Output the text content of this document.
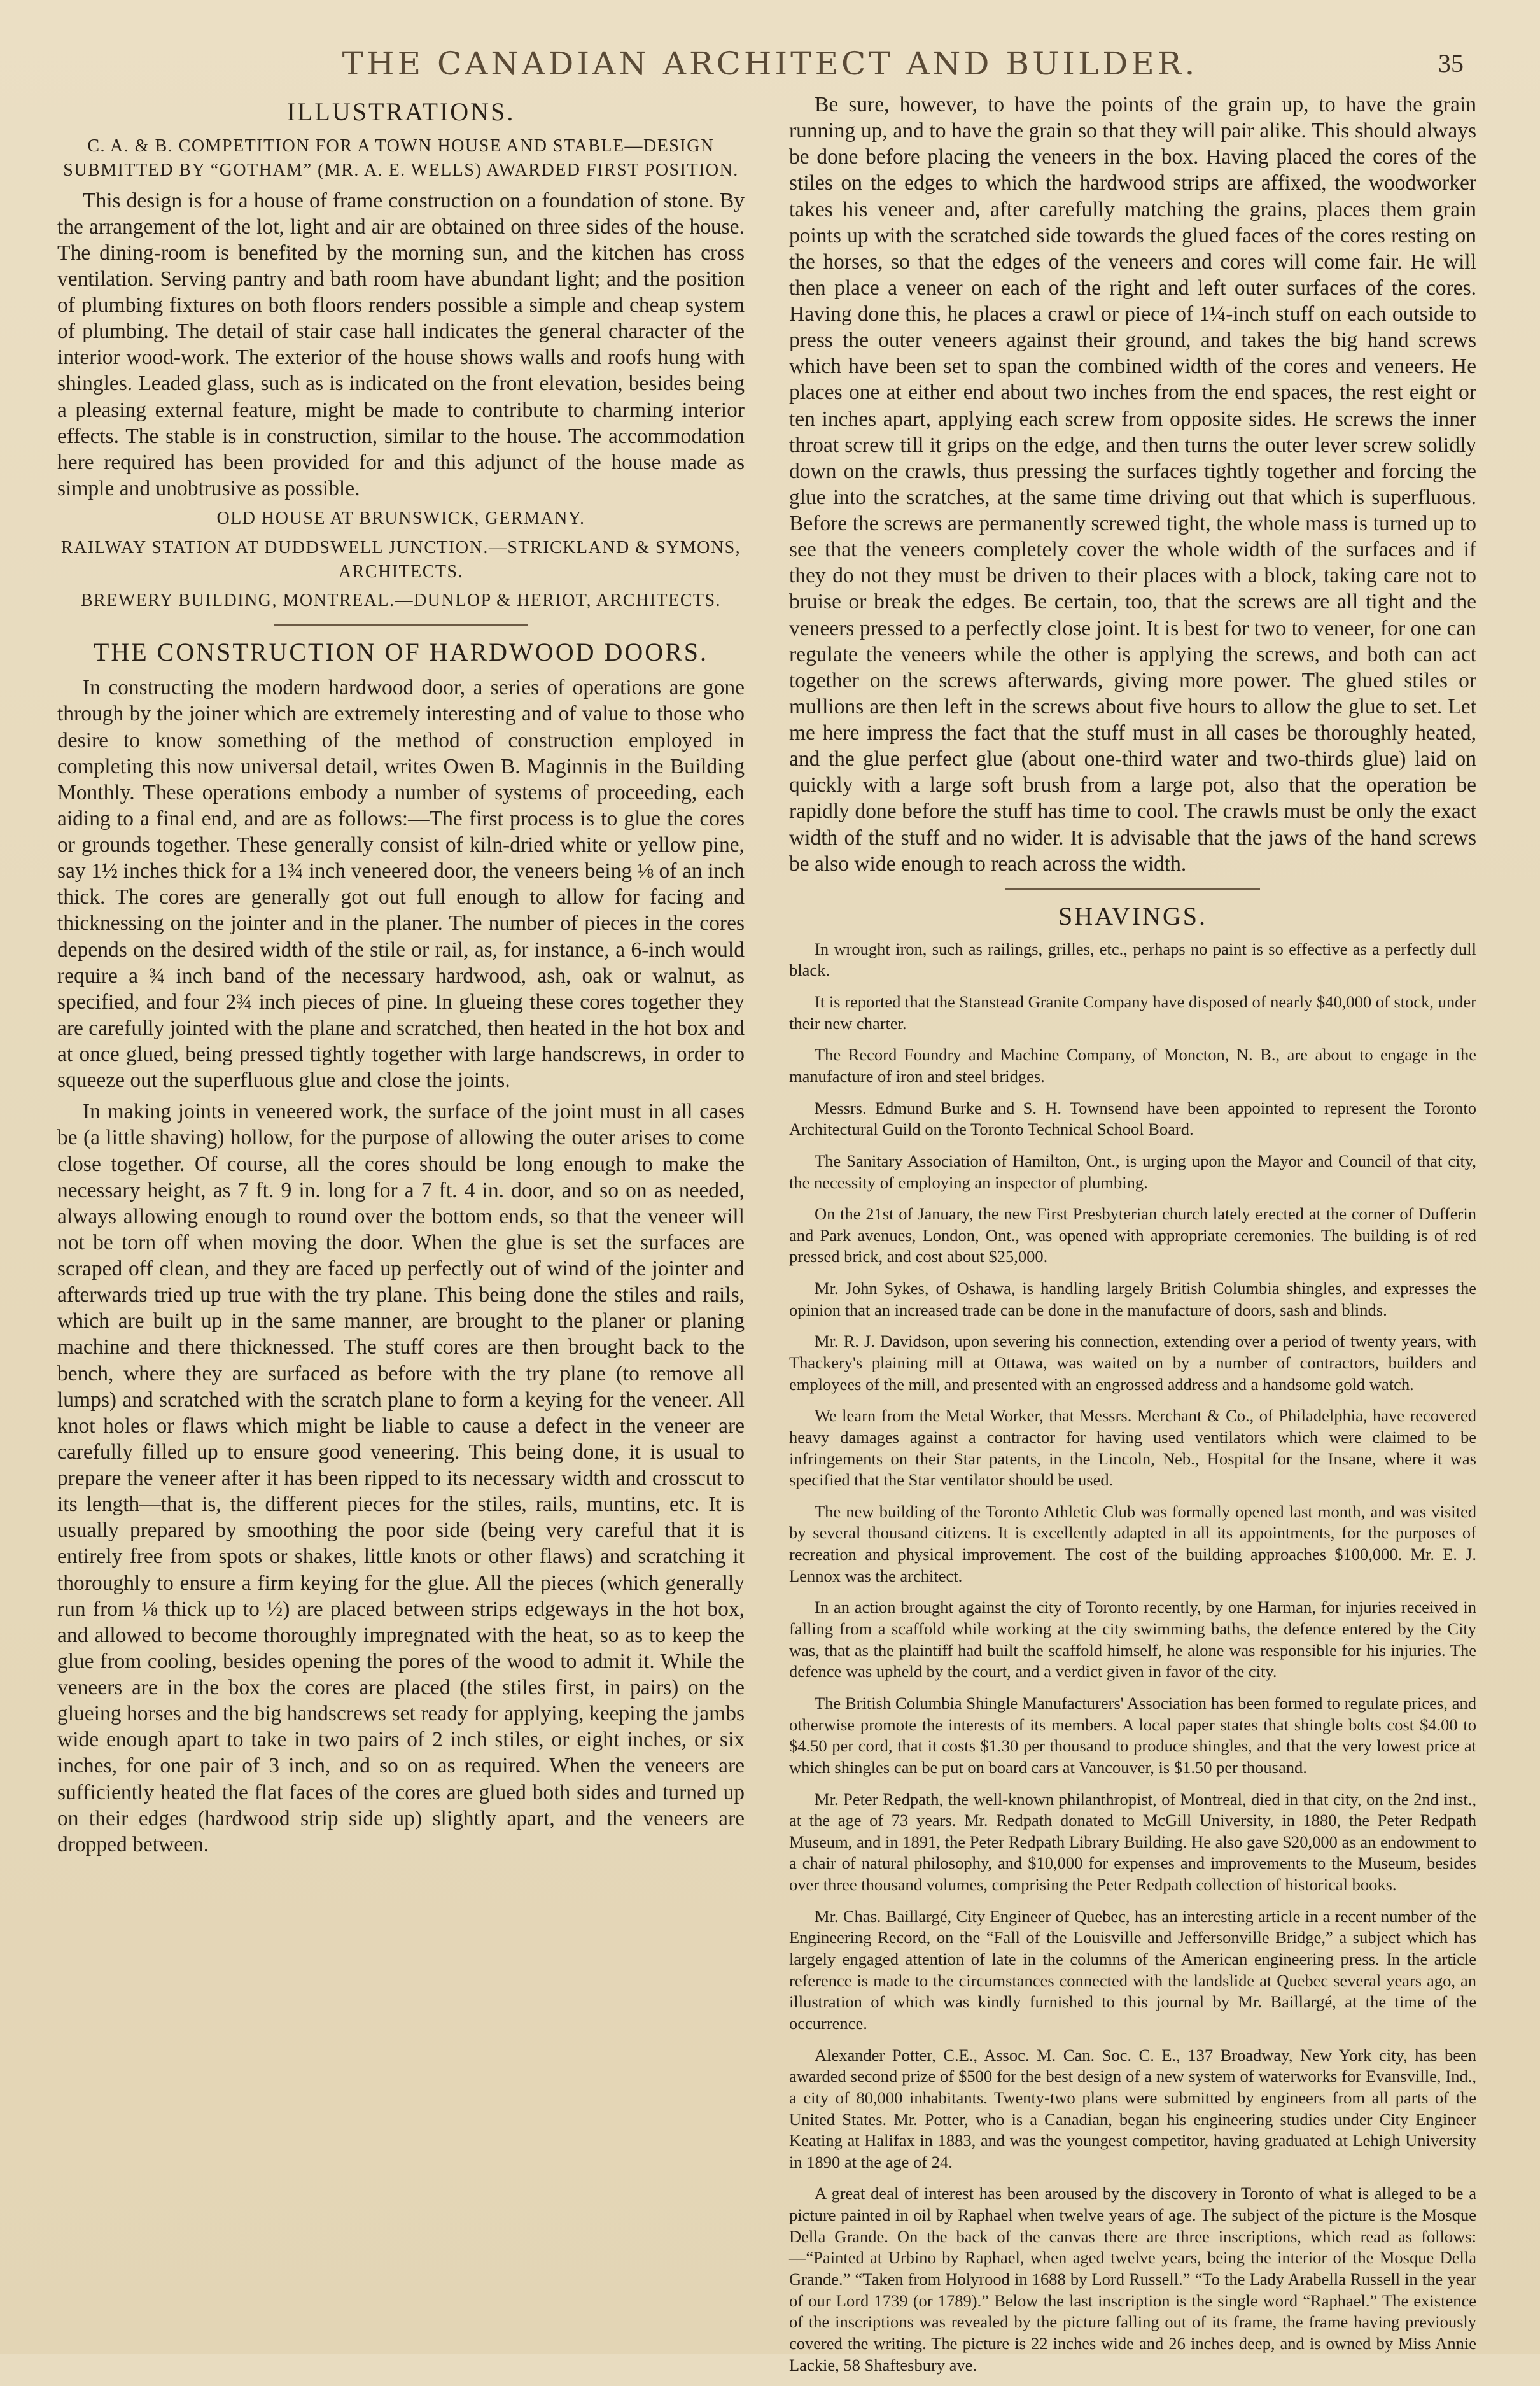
THE CANADIAN ARCHITECT AND BUILDER.	35
ILLUSTRATIONS.
C. A. & B. COMPETITION FOR A TOWN HOUSE AND STABLE—DESIGN SUBMITTED BY “GOTHAM” (MR. A. E. WELLS) AWARDED FIRST POSITION.

This design is for a house of frame construction on a foundation of stone. By the arrangement of the lot, light and air are obtained on three sides of the house. The dining-room is benefited by the morning sun, and the kitchen has cross ventilation. Serving pantry and bath room have abundant light; and the position of plumbing fixtures on both floors renders possible a simple and cheap system of plumbing. The detail of stair case hall indicates the general character of the interior wood-work. The exterior of the house shows walls and roofs hung with shingles. Leaded glass, such as is indicated on the front elevation, besides being a pleasing external feature, might be made to contribute to charming interior effects. The stable is in construction, similar to the house. The accommodation here required has been provided for and this adjunct of the house made as simple and unobtrusive as possible.

OLD HOUSE AT BRUNSWICK, GERMANY.
RAILWAY STATION AT DUDDSWELL JUNCTION.—STRICKLAND & SYMONS, ARCHITECTS.
BREWERY BUILDING, MONTREAL.—DUNLOP & HERIOT, ARCHITECTS.
THE CONSTRUCTION OF HARDWOOD DOORS.

In constructing the modern hardwood door, a series of operations are gone through by the joiner which are extremely interesting and of value to those who desire to know something of the method of construction employed in completing this now universal detail, writes Owen B. Maginnis in the Building Monthly. These operations embody a number of systems of proceeding, each aiding to a final end, and are as follows:—The first process is to glue the cores or grounds together. These generally consist of kiln-dried white or yellow pine, say 1½ inches thick for a 1¾ inch veneered door, the veneers being ⅛ of an inch thick. The cores are generally got out full enough to allow for facing and thicknessing on the jointer and in the planer. The number of pieces in the cores depends on the desired width of the stile or rail, as, for instance, a 6-inch would require a ¾ inch band of the necessary hardwood, ash, oak or walnut, as specified, and four 2¾ inch pieces of pine. In glueing these cores together they are carefully jointed with the plane and scratched, then heated in the hot box and at once glued, being pressed tightly together with large handscrews, in order to squeeze out the superfluous glue and close the joints.

In making joints in veneered work, the surface of the joint must in all cases be (a little shaving) hollow, for the purpose of allowing the outer arises to come close together. Of course, all the cores should be long enough to make the necessary height, as 7 ft. 9 in. long for a 7 ft. 4 in. door, and so on as needed, always allowing enough to round over the bottom ends, so that the veneer will not be torn off when moving the door. When the glue is set the surfaces are scraped off clean, and they are faced up perfectly out of wind of the jointer and afterwards tried up true with the try plane. This being done the stiles and rails, which are built up in the same manner, are brought to the planer or planing machine and there thicknessed. The stuff cores are then brought back to the bench, where they are surfaced as before with the try plane (to remove all lumps) and scratched with the scratch plane to form a keying for the veneer. All knot holes or flaws which might be liable to cause a defect in the veneer are carefully filled up to ensure good veneering. This being done, it is usual to prepare the veneer after it has been ripped to its necessary width and crosscut to its length—that is, the different pieces for the stiles, rails, muntins, etc. It is usually prepared by smoothing the poor side (being very careful that it is entirely free from spots or shakes, little knots or other flaws) and scratching it thoroughly to ensure a firm keying for the glue. All the pieces (which generally run from ⅛ thick up to ½) are placed between strips edgeways in the hot box, and allowed to become thoroughly impregnated with the heat, so as to keep the glue from cooling, besides opening the pores of the wood to admit it. While the veneers are in the box the cores are placed (the stiles first, in pairs) on the glueing horses and the big handscrews set ready for applying, keeping the jambs wide enough apart to take in two pairs of 2 inch stiles, or eight inches, or six inches, for one pair of 3 inch, and so on as required. When the veneers are sufficiently heated the flat faces of the cores are glued both sides and turned up on their edges (hardwood strip side up) slightly apart, and the veneers are dropped between.

Be sure, however, to have the points of the grain up, to have the grain running up, and to have the grain so that they will pair alike. This should always be done before placing the veneers in the box. Having placed the cores of the stiles on the edges to which the hardwood strips are affixed, the woodworker takes his veneer and, after carefully matching the grains, places them grain points up with the scratched side towards the glued faces of the cores resting on the horses, so that the edges of the veneers and cores will come fair. He will then place a veneer on each of the right and left outer surfaces of the cores. Having done this, he places a crawl or piece of 1¼-inch stuff on each outside to press the outer veneers against their ground, and takes the big hand screws which have been set to span the combined width of the cores and veneers. He places one at either end about two inches from the end spaces, the rest eight or ten inches apart, applying each screw from opposite sides. He screws the inner throat screw till it grips on the edge, and then turns the outer lever screw solidly down on the crawls, thus pressing the surfaces tightly together and forcing the glue into the scratches, at the same time driving out that which is superfluous. Before the screws are permanently screwed tight, the whole mass is turned up to see that the veneers completely cover the whole width of the surfaces and if they do not they must be driven to their places with a block, taking care not to bruise or break the edges. Be certain, too, that the screws are all tight and the veneers pressed to a perfectly close joint. It is best for two to veneer, for one can regulate the veneers while the other is applying the screws, and both can act together on the screws afterwards, giving more power. The glued stiles or mullions are then left in the screws about five hours to allow the glue to set. Let me here impress the fact that the stuff must in all cases be thoroughly heated, and the glue perfect glue (about one-third water and two-thirds glue) laid on quickly with a large soft brush from a large pot, also that the operation be rapidly done before the stuff has time to cool. The crawls must be only the exact width of the stuff and no wider. It is advisable that the jaws of the hand screws be also wide enough to reach across the width.

SHAVINGS.

In wrought iron, such as railings, grilles, etc., perhaps no paint is so effective as a perfectly dull black.

It is reported that the Stanstead Granite Company have disposed of nearly $40,000 of stock, under their new charter.

The Record Foundry and Machine Company, of Moncton, N. B., are about to engage in the manufacture of iron and steel bridges.

Messrs. Edmund Burke and S. H. Townsend have been appointed to represent the Toronto Architectural Guild on the Toronto Technical School Board.

The Sanitary Association of Hamilton, Ont., is urging upon the Mayor and Council of that city, the necessity of employing an inspector of plumbing.

On the 21st of January, the new First Presbyterian church lately erected at the corner of Dufferin and Park avenues, London, Ont., was opened with appropriate ceremonies. The building is of red pressed brick, and cost about $25,000.

Mr. John Sykes, of Oshawa, is handling largely British Columbia shingles, and expresses the opinion that an increased trade can be done in the manufacture of doors, sash and blinds.

Mr. R. J. Davidson, upon severing his connection, extending over a period of twenty years, with Thackery's plaining mill at Ottawa, was waited on by a number of contractors, builders and employees of the mill, and presented with an engrossed address and a handsome gold watch.

We learn from the Metal Worker, that Messrs. Merchant & Co., of Philadelphia, have recovered heavy damages against a contractor for having used ventilators which were claimed to be infringements on their Star patents, in the Lincoln, Neb., Hospital for the Insane, where it was specified that the Star ventilator should be used.

The new building of the Toronto Athletic Club was formally opened last month, and was visited by several thousand citizens. It is excellently adapted in all its appointments, for the purposes of recreation and physical improvement. The cost of the building approaches $100,000. Mr. E. J. Lennox was the architect.

In an action brought against the city of Toronto recently, by one Harman, for injuries received in falling from a scaffold while working at the city swimming baths, the defence entered by the City was, that as the plaintiff had built the scaffold himself, he alone was responsible for his injuries. The defence was upheld by the court, and a verdict given in favor of the city.

The British Columbia Shingle Manufacturers' Association has been formed to regulate prices, and otherwise promote the interests of its members. A local paper states that shingle bolts cost $4.00 to $4.50 per cord, that it costs $1.30 per thousand to produce shingles, and that the very lowest price at which shingles can be put on board cars at Vancouver, is $1.50 per thousand.

Mr. Peter Redpath, the well-known philanthropist, of Montreal, died in that city, on the 2nd inst., at the age of 73 years. Mr. Redpath donated to McGill University, in 1880, the Peter Redpath Museum, and in 1891, the Peter Redpath Library Building. He also gave $20,000 as an endowment to a chair of natural philosophy, and $10,000 for expenses and improvements to the Museum, besides over three thousand volumes, comprising the Peter Redpath collection of historical books.

Mr. Chas. Baillargé, City Engineer of Quebec, has an interesting article in a recent number of the Engineering Record, on the “Fall of the Louisville and Jeffersonville Bridge,” a subject which has largely engaged attention of late in the columns of the American engineering press. In the article reference is made to the circumstances connected with the landslide at Quebec several years ago, an illustration of which was kindly furnished to this journal by Mr. Baillargé, at the time of the occurrence.

Alexander Potter, C.E., Assoc. M. Can. Soc. C. E., 137 Broadway, New York city, has been awarded second prize of $500 for the best design of a new system of waterworks for Evansville, Ind., a city of 80,000 inhabitants. Twenty-two plans were submitted by engineers from all parts of the United States. Mr. Potter, who is a Canadian, began his engineering studies under City Engineer Keating at Halifax in 1883, and was the youngest competitor, having graduated at Lehigh University in 1890 at the age of 24.

A great deal of interest has been aroused by the discovery in Toronto of what is alleged to be a picture painted in oil by Raphael when twelve years of age. The subject of the picture is the Mosque Della Grande. On the back of the canvas there are three inscriptions, which read as follows:—“Painted at Urbino by Raphael, when aged twelve years, being the interior of the Mosque Della Grande.” “Taken from Holyrood in 1688 by Lord Russell.” “To the Lady Arabella Russell in the year of our Lord 1739 (or 1789).” Below the last inscription is the single word “Raphael.” The existence of the inscriptions was revealed by the picture falling out of its frame, the frame having previously covered the writing. The picture is 22 inches wide and 26 inches deep, and is owned by Miss Annie Lackie, 58 Shaftesbury ave.
